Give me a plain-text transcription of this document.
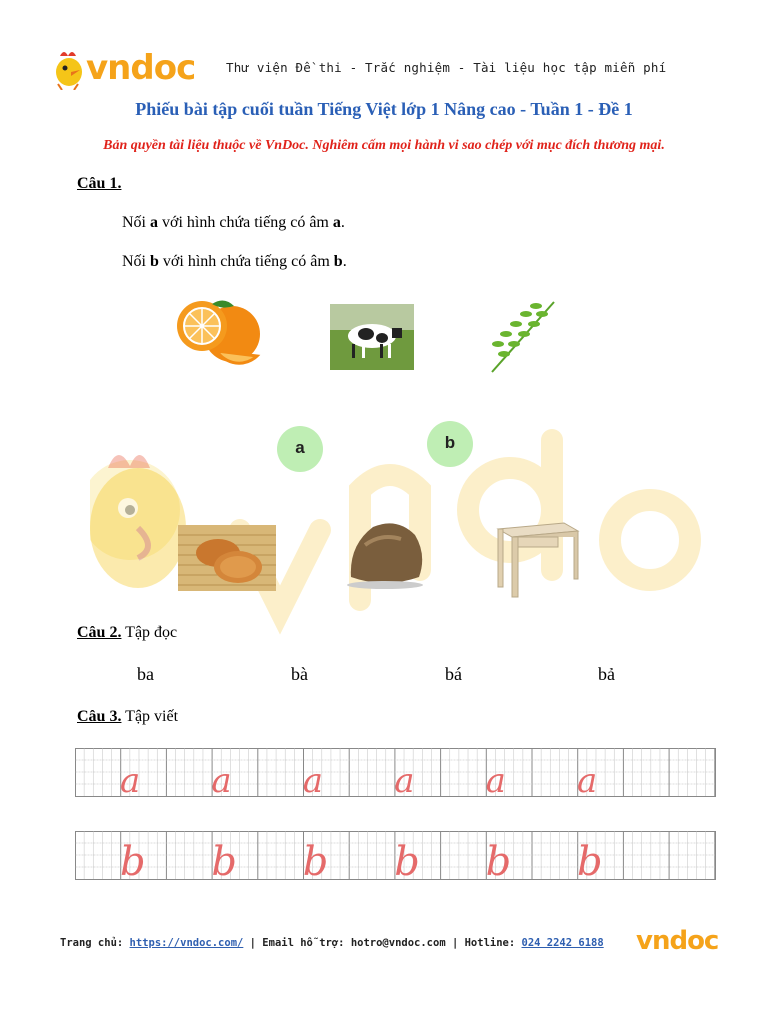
vndoc Thư viện Đề thi - Trắc nghiệm - Tài liệu học tập miễn phí
Phiếu bài tập cuối tuần Tiếng Việt lớp 1 Nâng cao - Tuần 1 - Đề 1
Bản quyền tài liệu thuộc về VnDoc. Nghiêm cấm mọi hành vi sao chép với mục đích thương mại.
Câu 1.
Nối a với hình chứa tiếng có âm a.
Nối b với hình chứa tiếng có âm b.
a	b
Câu 2. Tập đọc
ba	bà	bá	bả
Câu 3. Tập viết
a a a a a a
b b b b b b
Trang chủ: https://vndoc.com/ | Email hỗ trợ: hotro@vndoc.com | Hotline: 024 2242 6188 vndoc
